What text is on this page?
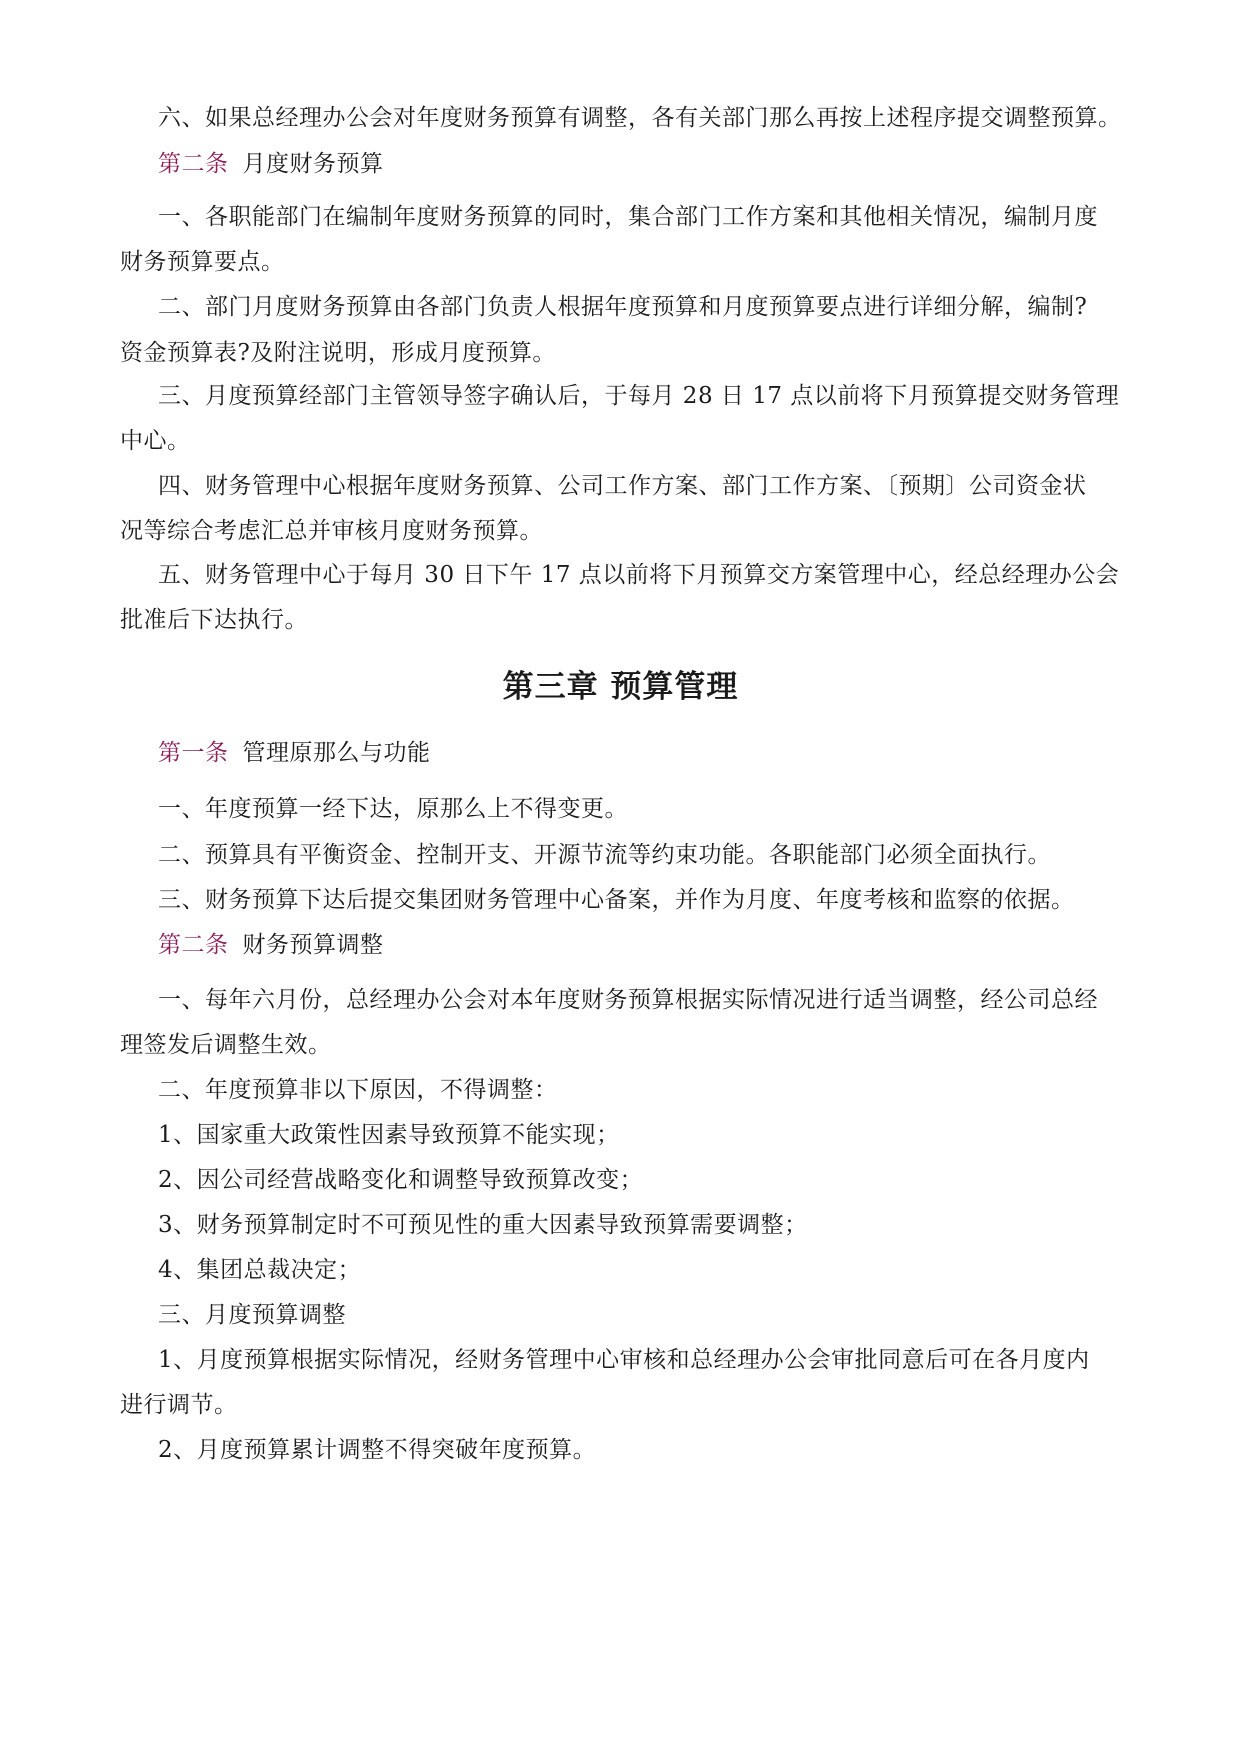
六、如果总经理办公会对年度财务预算有调整，各有关部门那么再按上述程序提交调整预算。
第二条 月度财务预算
一、各职能部门在编制年度财务预算的同时，集合部门工作方案和其他相关情况，编制月度
财务预算要点。
二、部门月度财务预算由各部门负责人根据年度预算和月度预算要点进行详细分解，编制?
资金预算表?及附注说明，形成月度预算。
三、月度预算经部门主管领导签字确认后，于每月 28 日 17 点以前将下月预算提交财务管理
中心。
四、财务管理中心根据年度财务预算、公司工作方案、部门工作方案、〔预期〕公司资金状
况等综合考虑汇总并审核月度财务预算。
五、财务管理中心于每月 30 日下午 17 点以前将下月预算交方案管理中心，经总经理办公会
批准后下达执行。
第三章 预算管理
第一条 管理原那么与功能
一、年度预算一经下达，原那么上不得变更。
二、预算具有平衡资金、控制开支、开源节流等约束功能。各职能部门必须全面执行。
三、财务预算下达后提交集团财务管理中心备案，并作为月度、年度考核和监察的依据。
第二条 财务预算调整
一、每年六月份，总经理办公会对本年度财务预算根据实际情况进行适当调整，经公司总经
理签发后调整生效。
二、年度预算非以下原因，不得调整：
1、国家重大政策性因素导致预算不能实现；
2、因公司经营战略变化和调整导致预算改变；
3、财务预算制定时不可预见性的重大因素导致预算需要调整；
4、集团总裁决定；
三、月度预算调整
1、月度预算根据实际情况，经财务管理中心审核和总经理办公会审批同意后可在各月度内
进行调节。
2、月度预算累计调整不得突破年度预算。
